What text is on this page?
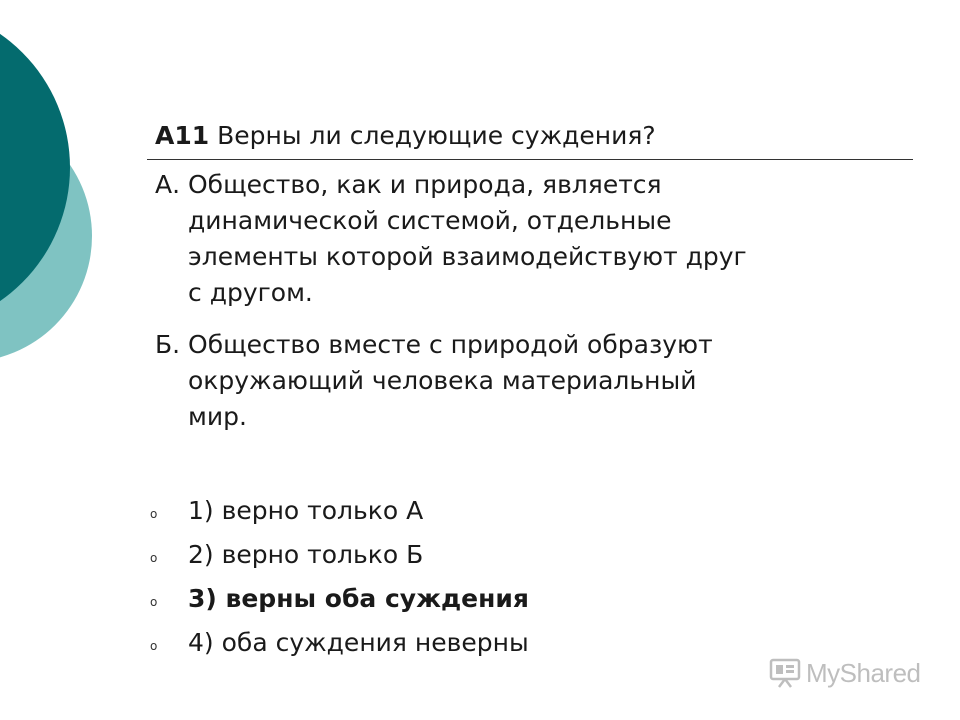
А11 Верны ли следующие суждения?
А. Общество, как и природа, является
динамической системой, отдельные
элементы которой взаимодействуют друг
с другом.
Б. Общество вместе с природой образуют
окружающий человека материальный
мир.
o 1) верно только А
o 2) верно только Б
o 3) верны оба суждения
o 4) оба суждения неверны
MyShared
